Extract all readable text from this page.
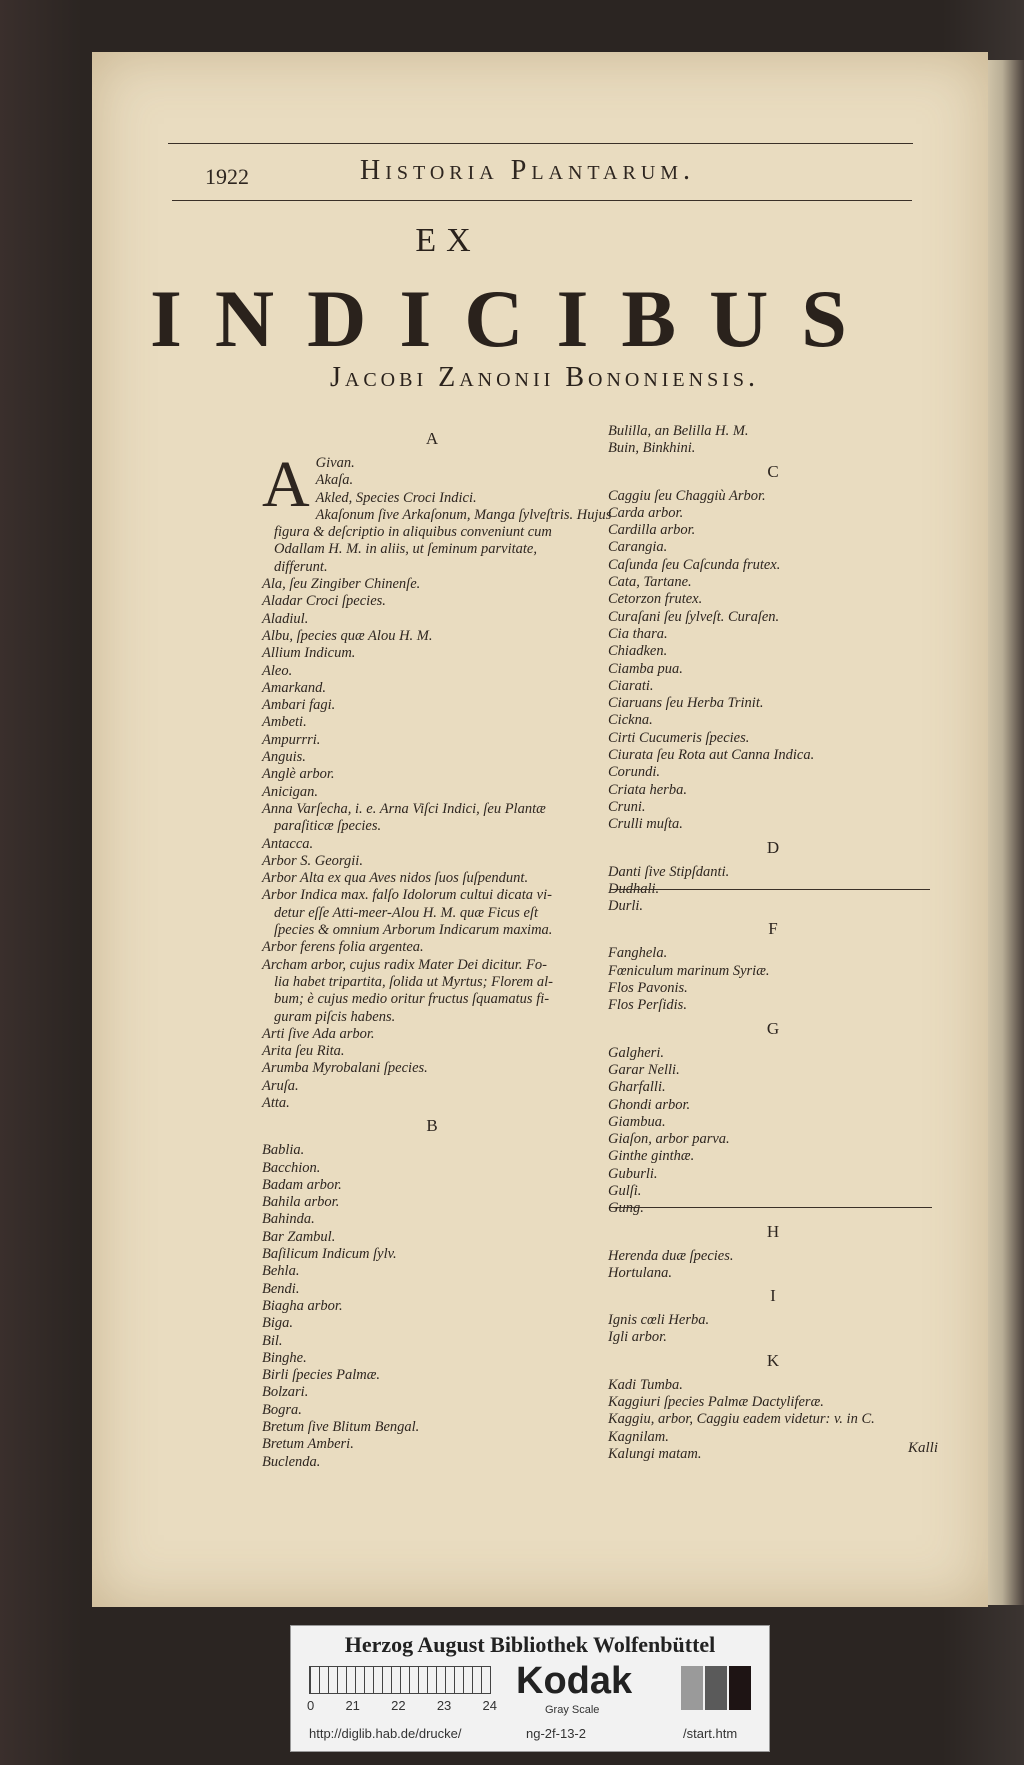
1922	Historia Plantarum.
EX
INDICIBUS
Jacobi Zanonii Bononiensis.
A
A Givan.
Akaſa.
Akled, Species Croci Indici.
Akaſonum ſive Arkaſonum, Manga ſylveſtris. Hujus
figura & deſcriptio in aliquibus conveniunt cum
Odallam H. M. in aliis, ut ſeminum parvitate,
differunt.
Ala, ſeu Zingiber Chinenſe.
Aladar Croci ſpecies.
Aladiul.
Albu, ſpecies quæ Alou H. M.
Allium Indicum.
Aleo.
Amarkand.
Ambari fagi.
Ambeti.
Ampurrri.
Anguis.
Anglè arbor.
Anicigan.
Anna Varſecha, i. e. Arna Viſci Indici, ſeu Plantæ
paraſiticæ ſpecies.
Antacca.
Arbor S. Georgii.
Arbor Alta ex qua Aves nidos ſuos ſuſpendunt.
Arbor Indica max. falſo Idolorum cultui dicata vi-
detur eſſe Atti-meer-Alou H. M. quæ Ficus eſt
ſpecies & omnium Arborum Indicarum maxima.
Arbor ferens folia argentea.
Archam arbor, cujus radix Mater Dei dicitur. Fo-
lia habet tripartita, ſolida ut Myrtus; Florem al-
bum; è cujus medio oritur fructus ſquamatus fi-
guram piſcis habens.
Arti ſive Ada arbor.
Arita ſeu Rita.
Arumba Myrobalani ſpecies.
Aruſa.
Atta.
B
Bablia.
Bacchion.
Badam arbor.
Bahila arbor.
Bahinda.
Bar Zambul.
Baſilicum Indicum ſylv.
Behla.
Bendi.
Biagha arbor.
Biga.
Bil.
Binghe.
Birli ſpecies Palmæ.
Bolzari.
Bogra.
Bretum ſive Blitum Bengal.
Bretum Amberi.
Buclenda.
Bulilla, an Belilla H. M.
Buin, Binkhini.
C
Caggiu ſeu Chaggiù Arbor.
Carda arbor.
Cardilla arbor.
Carangia.
Caſunda ſeu Caſcunda frutex.
Cata, Tartane.
Cetorzon frutex.
Curaſani ſeu ſylveſt. Curaſen.
Cia thara.
Chiadken.
Ciamba pua.
Ciarati.
Ciaruans ſeu Herba Trinit.
Cickna.
Cirti Cucumeris ſpecies.
Ciurata ſeu Rota aut Canna Indica.
Corundi.
Criata herba.
Cruni.
Crulli muſta.
D
Danti ſive Stipſdanti.
Dudhali.
Durli.
F
Fanghela.
Fœniculum marinum Syriæ.
Flos Pavonis.
Flos Perſidis.
G
Galgheri.
Garar Nelli.
Gharfalli.
Ghondi arbor.
Giambua.
Giaſon, arbor parva.
Ginthe ginthæ.
Guburli.
Gulſi.
Gung.
H
Herenda duæ ſpecies.
Hortulana.
I
Ignis cœli Herba.
Igli arbor.
K
Kadi Tumba.
Kaggiuri ſpecies Palmæ Dactyliferæ.
Kaggiu, arbor, Caggiu eadem videtur: v. in C.
Kagnilam.
Kalungi matam.	Kalli
Herzog August Bibliothek Wolfenbüttel
0 21 22 23 24
Kodak
Gray Scale
http://diglib.hab.de/drucke/	ng-2f-13-2	/start.htm
